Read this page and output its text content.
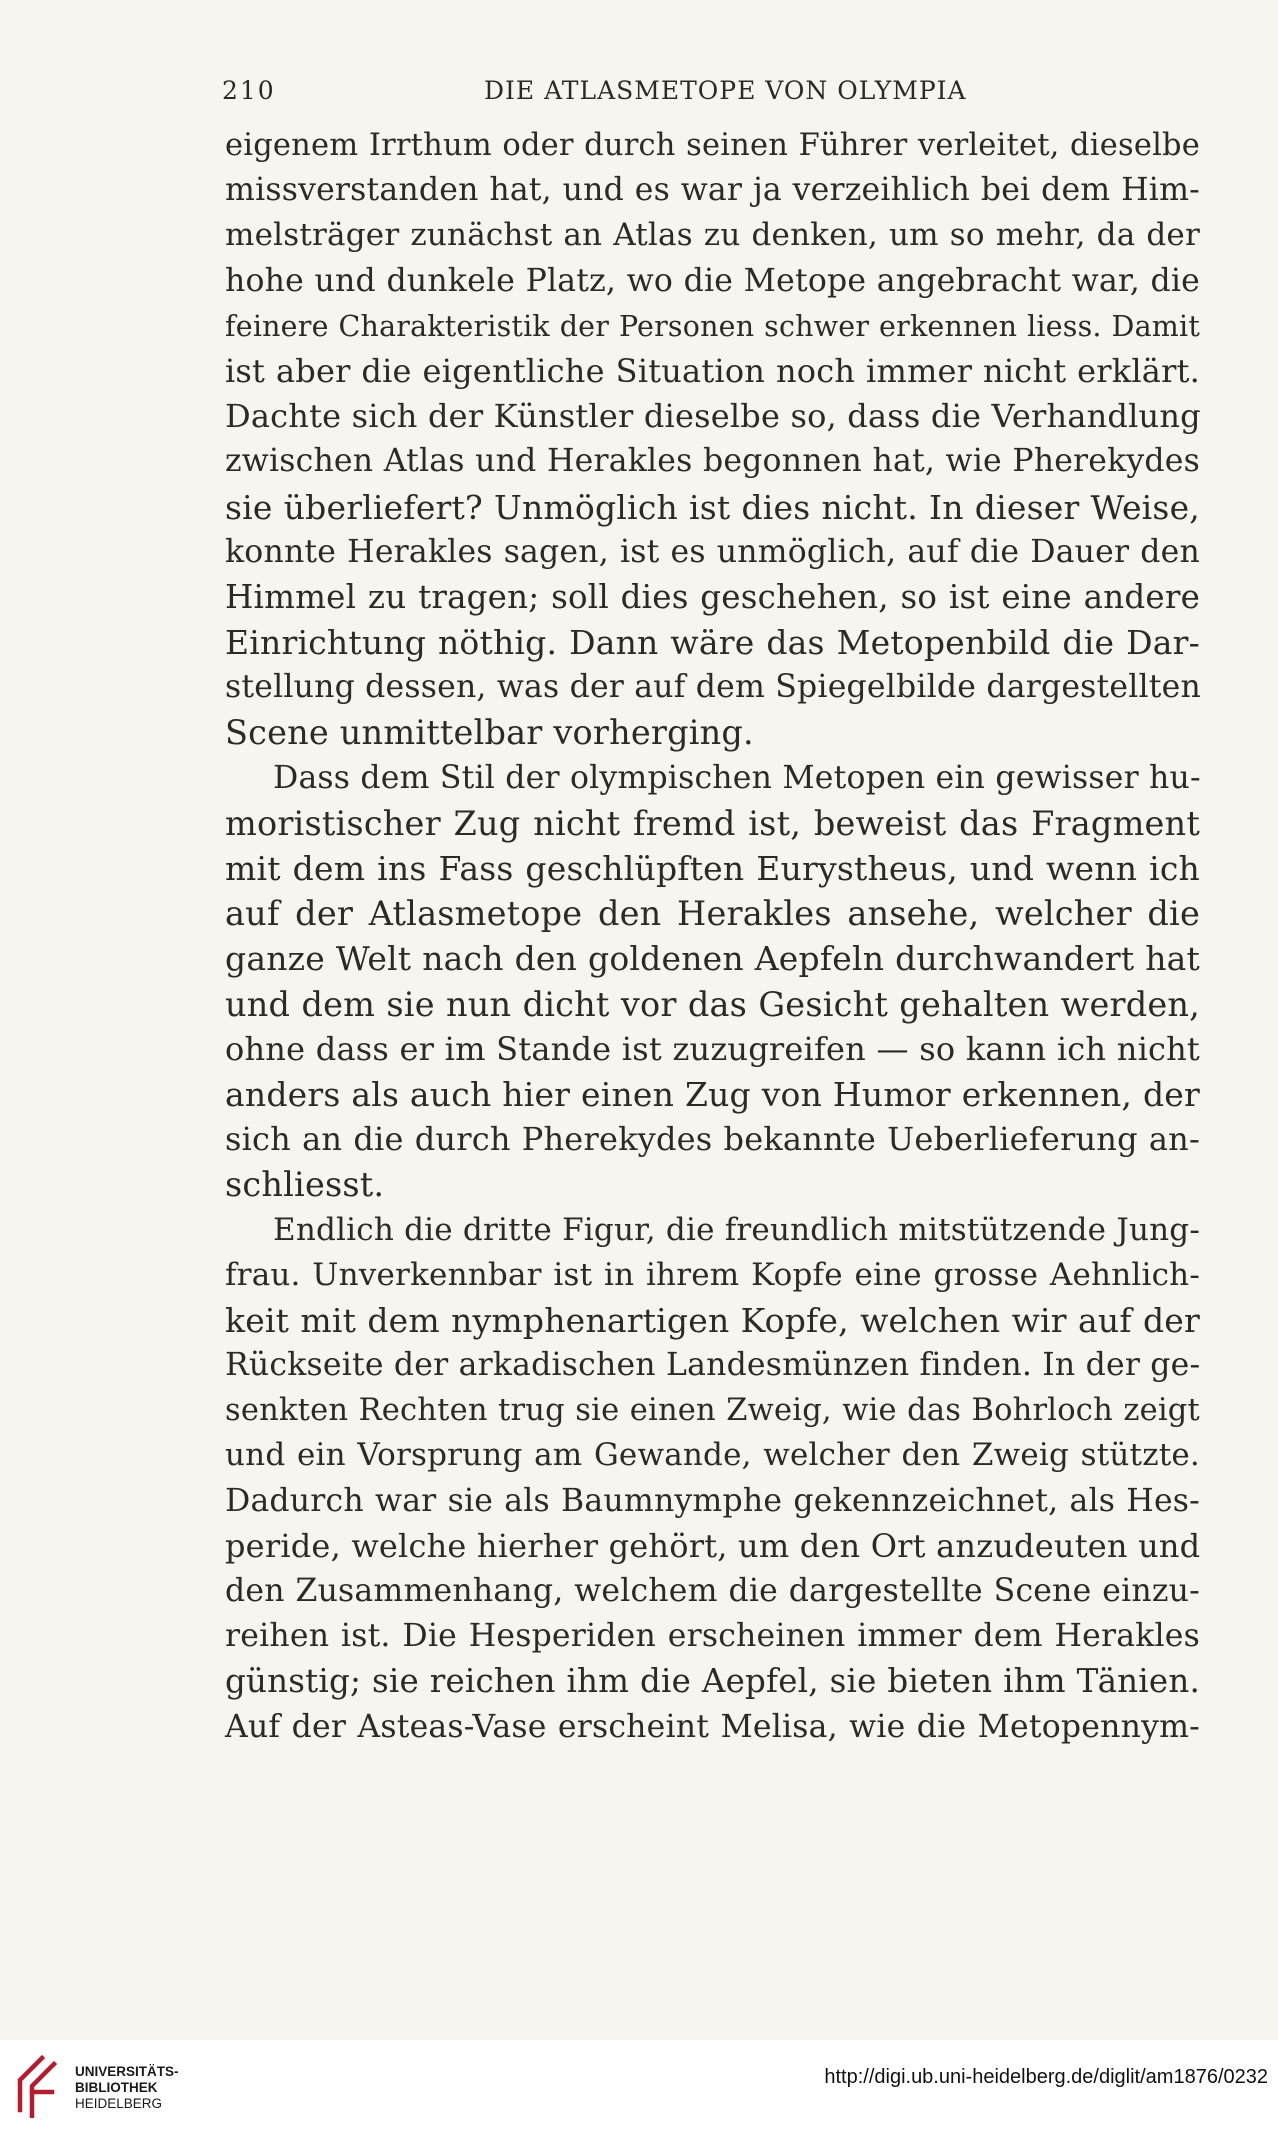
210	DIE ATLASMETOPE VON OLYMPIA
eigenem Irrthum oder durch seinen Führer verleitet, dieselbe
missverstanden hat, und es war ja verzeihlich bei dem Him-
melsträger zunächst an Atlas zu denken, um so mehr, da der
hohe und dunkele Platz, wo die Metope angebracht war, die
feinere Charakteristik der Personen schwer erkennen liess. Damit
ist aber die eigentliche Situation noch immer nicht erklärt.
Dachte sich der Künstler dieselbe so, dass die Verhandlung
zwischen Atlas und Herakles begonnen hat, wie Pherekydes
sie überliefert? Unmöglich ist dies nicht. In dieser Weise,
konnte Herakles sagen, ist es unmöglich, auf die Dauer den
Himmel zu tragen; soll dies geschehen, so ist eine andere
Einrichtung nöthig. Dann wäre das Metopenbild die Dar-
stellung dessen, was der auf dem Spiegelbilde dargestellten
Scene unmittelbar vorherging.
Dass dem Stil der olympischen Metopen ein gewisser hu-
moristischer Zug nicht fremd ist, beweist das Fragment
mit dem ins Fass geschlüpften Eurystheus, und wenn ich
auf der Atlasmetope den Herakles ansehe, welcher die
ganze Welt nach den goldenen Aepfeln durchwandert hat
und dem sie nun dicht vor das Gesicht gehalten werden,
ohne dass er im Stande ist zuzugreifen — so kann ich nicht
anders als auch hier einen Zug von Humor erkennen, der
sich an die durch Pherekydes bekannte Ueberlieferung an-
schliesst.
Endlich die dritte Figur, die freundlich mitstützende Jung-
frau. Unverkennbar ist in ihrem Kopfe eine grosse Aehnlich-
keit mit dem nymphenartigen Kopfe, welchen wir auf der
Rückseite der arkadischen Landesmünzen finden. In der ge-
senkten Rechten trug sie einen Zweig, wie das Bohrloch zeigt
und ein Vorsprung am Gewande, welcher den Zweig stützte.
Dadurch war sie als Baumnymphe gekennzeichnet, als Hes-
peride, welche hierher gehört, um den Ort anzudeuten und
den Zusammenhang, welchem die dargestellte Scene einzu-
reihen ist. Die Hesperiden erscheinen immer dem Herakles
günstig; sie reichen ihm die Aepfel, sie bieten ihm Tänien.
Auf der Asteas-Vase erscheint Melisa, wie die Metopennym-
UNIVERSITÄTS-
BIBLIOTHEK
HEIDELBERG
http://digi.ub.uni-heidelberg.de/diglit/am1876/0232
